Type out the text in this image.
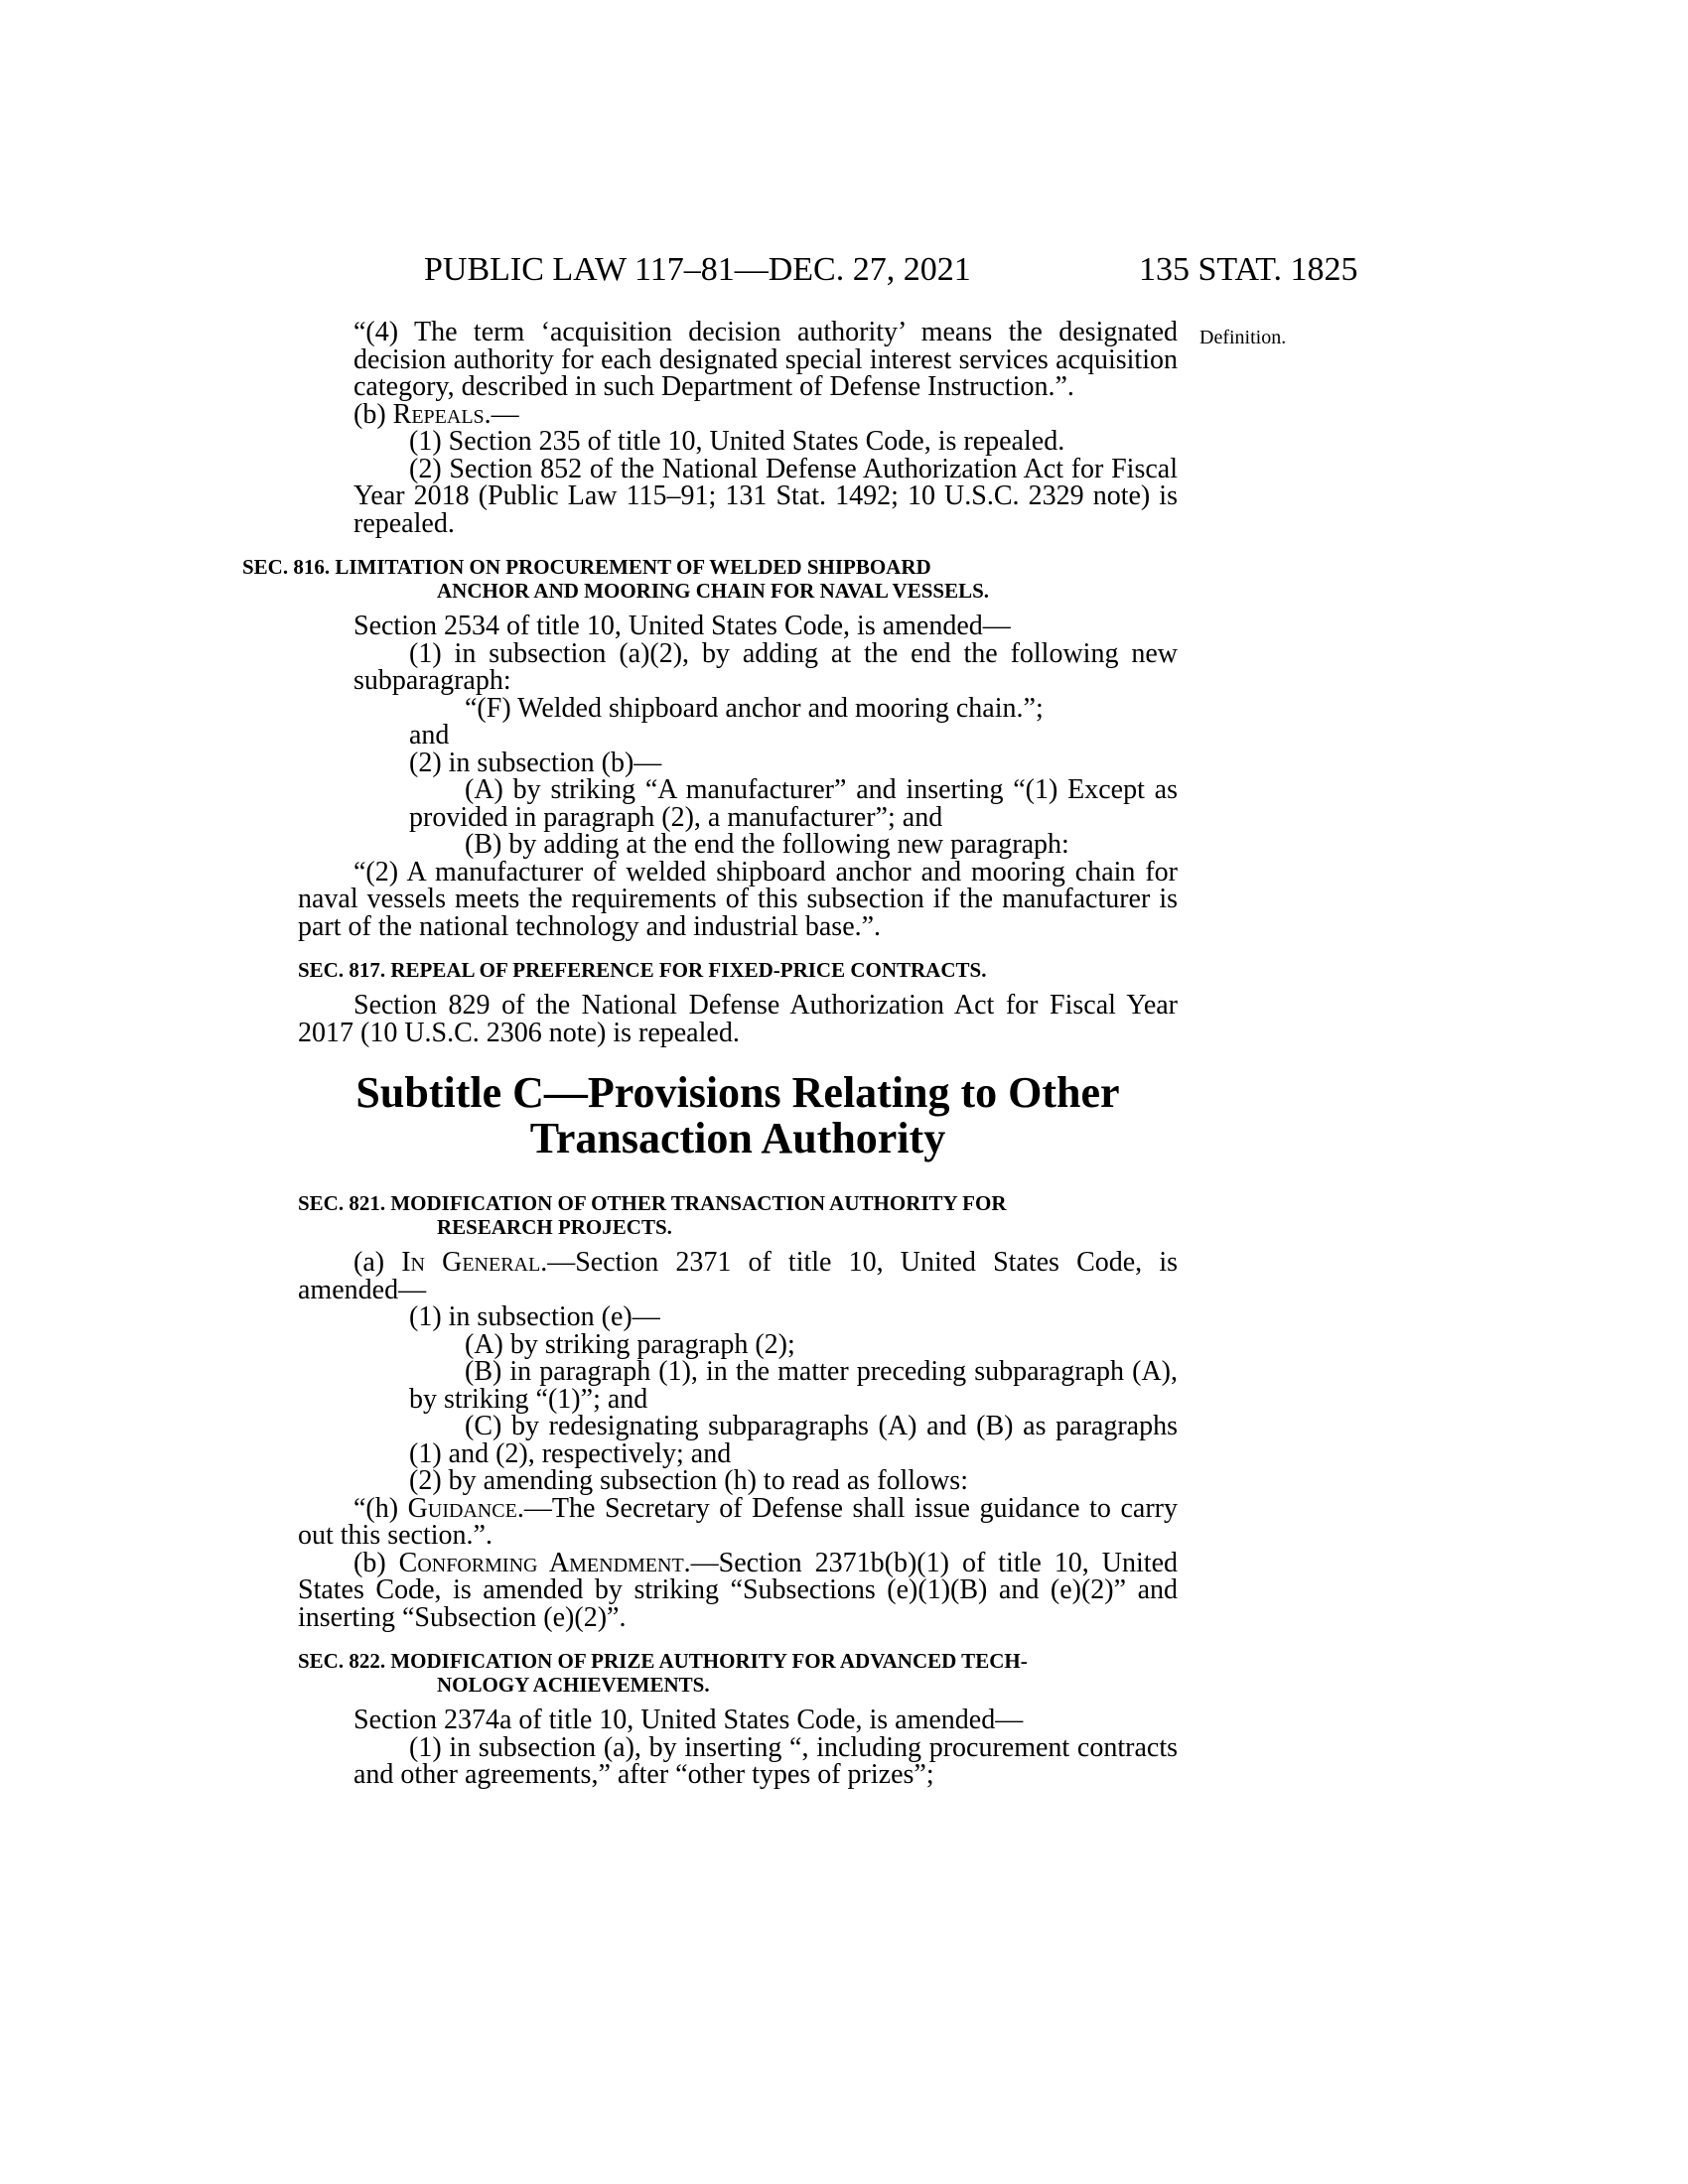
PUBLIC LAW 117–81—DEC. 27, 2021	135 STAT. 1825
Definition.

“(4) The term ‘acquisition decision authority’ means the designated decision authority for each designated special interest services acquisition category, described in such Department of Defense Instruction.”.

(b) Repeals.—

(1) Section 235 of title 10, United States Code, is repealed.

(2) Section 852 of the National Defense Authorization Act for Fiscal Year 2018 (Public Law 115–91; 131 Stat. 1492; 10 U.S.C. 2329 note) is repealed.

SEC. 816. LIMITATION ON PROCUREMENT OF WELDED SHIPBOARD
ANCHOR AND MOORING CHAIN FOR NAVAL VESSELS.

Section 2534 of title 10, United States Code, is amended—

(1) in subsection (a)(2), by adding at the end the following new subparagraph:

“(F) Welded shipboard anchor and mooring chain.”;

and

(2) in subsection (b)—

(A) by striking “A manufacturer” and inserting “(1) Except as provided in paragraph (2), a manufacturer”; and

(B) by adding at the end the following new paragraph:

“(2) A manufacturer of welded shipboard anchor and mooring chain for naval vessels meets the requirements of this subsection if the manufacturer is part of the national technology and industrial base.”.

SEC. 817. REPEAL OF PREFERENCE FOR FIXED-PRICE CONTRACTS.

Section 829 of the National Defense Authorization Act for Fiscal Year 2017 (10 U.S.C. 2306 note) is repealed.

Subtitle C—Provisions Relating to Other
Transaction Authority

SEC. 821. MODIFICATION OF OTHER TRANSACTION AUTHORITY FOR
RESEARCH PROJECTS.

(a) In General.—Section 2371 of title 10, United States Code, is amended—

(1) in subsection (e)—

(A) by striking paragraph (2);

(B) in paragraph (1), in the matter preceding subparagraph (A), by striking “(1)”; and

(C) by redesignating subparagraphs (A) and (B) as paragraphs (1) and (2), respectively; and

(2) by amending subsection (h) to read as follows:

“(h) Guidance.—The Secretary of Defense shall issue guidance to carry out this section.”.

(b) Conforming Amendment.—Section 2371b(b)(1) of title 10, United States Code, is amended by striking “Subsections (e)(1)(B) and (e)(2)” and inserting “Subsection (e)(2)”.

SEC. 822. MODIFICATION OF PRIZE AUTHORITY FOR ADVANCED TECH-
NOLOGY ACHIEVEMENTS.

Section 2374a of title 10, United States Code, is amended—

(1) in subsection (a), by inserting “, including procurement contracts and other agreements,” after “other types of prizes”;
